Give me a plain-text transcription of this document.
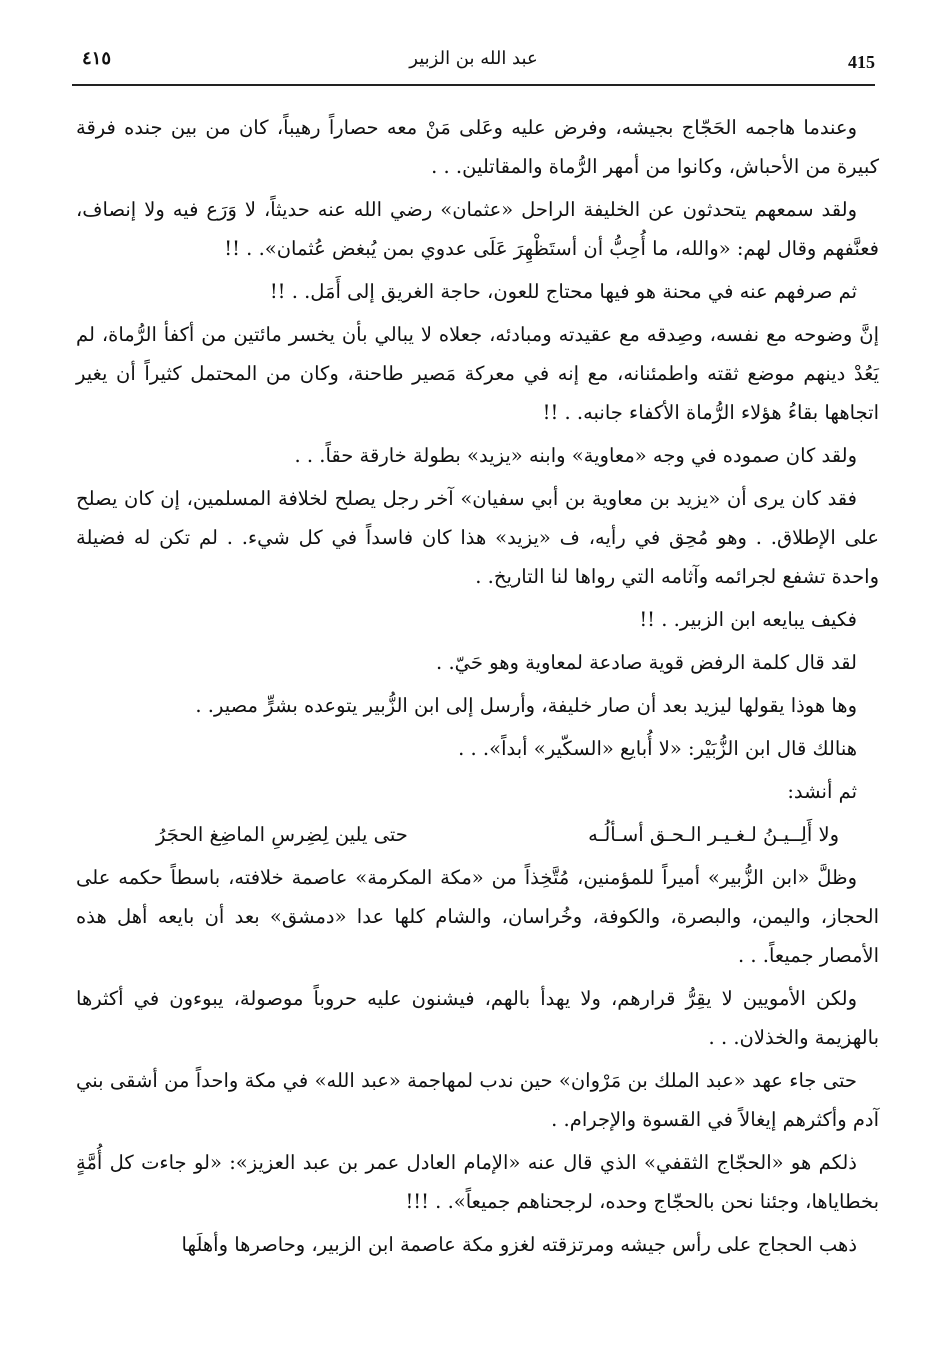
415
عبد الله بن الزبير
٤١٥

وعندما هاجمه الحَجّاج بجيشه، وفرض عليه وعَلى مَنْ معه حصاراً رهيباً، كان من بين جنده فرقة كبيرة من الأحباش، وكانوا من أمهر الرُّماة والمقاتلين. . .

ولقد سمعهم يتحدثون عن الخليفة الراحل «عثمان» رضي الله عنه حديثاً، لا وَرَع فيه ولا إنصاف، فعنَّفهم وقال لهم: «والله، ما أُحِبُّ أن أستَظْهِرَ عَلَى عدوي بمن يُبغض عُثمان». . !!

ثم صرفهم عنه في محنة هو فيها محتاج للعون، حاجة الغريق إلى أَمَل. . !!

إنَّ وضوحه مع نفسه، وصِدقه مع عقيدته ومبادئه، جعلاه لا يبالي بأن يخسر مائتين من أكفأ الرُّماة، لم يَعُدْ دينهم موضع ثقته واطمئنانه، مع إنه في معركة مَصير طاحنة، وكان من المحتمل كثيراً أن يغير اتجاهها بقاءُ هؤلاء الرُّماة الأكفاء جانبه. . !!

ولقد كان صموده في وجه «معاوية» وابنه «يزيد» بطولة خارقة حقاً. . .

فقد كان يرى أن «يزيد بن معاوية بن أبي سفيان» آخر رجل يصلح لخلافة المسلمين، إن كان يصلح على الإطلاق. . وهو مُحِق في رأيه، ف «يزيد» هذا كان فاسداً في كل شيء. . لم تكن له فضيلة واحدة تشفع لجرائمه وآثامه التي رواها لنا التاريخ. .

فكيف يبايعه ابن الزبير. . !!

لقد قال كلمة الرفض قوية صادعة لمعاوية وهو حَيّ. .

وها هوذا يقولها ليزيد بعد أن صار خليفة، وأرسل إلى ابن الزُّبير يتوعده بشرٍّ مصير. .

هنالك قال ابن الزُّبَيْر: «لا أُبايع «السكّير» أبداً». . .

ثم أنشد:

ولا أَلِــيـنُ لـغـيـر الـحـق أسـألُـه
حتى يلين لِضِرسِ الماضِغ الحجَرُ

وظلَّ «ابن الزُّبير» أميراً للمؤمنين، مُتَّخِذاً من «مكة المكرمة» عاصمة خلافته، باسطاً حكمه على الحجاز، واليمن، والبصرة، والكوفة، وخُراسان، والشام كلها عدا «دمشق» بعد أن بايعه أهل هذه الأمصار جميعاً. . .

ولكن الأمويين لا يقِرُّ قرارهم، ولا يهدأ بالهم، فيشنون عليه حروباً موصولة، يبوءون في أكثرها بالهزيمة والخذلان. . .

حتى جاء عهد «عبد الملك بن مَرْوان» حين ندب لمهاجمة «عبد الله» في مكة واحداً من أشقى بني آدم وأكثرهم إيغالاً في القسوة والإجرام. .

ذلكم هو «الحجّاج الثقفي» الذي قال عنه «الإمام العادل عمر بن عبد العزيز»: «لو جاءت كل أُمَّةٍ بخطاياها، وجئنا نحن بالحجّاج وحده، لرجحناهم جميعاً». . !!!

ذهب الحجاج على رأس جيشه ومرتزقته لغزو مكة عاصمة ابن الزبير، وحاصرها وأهلَها
